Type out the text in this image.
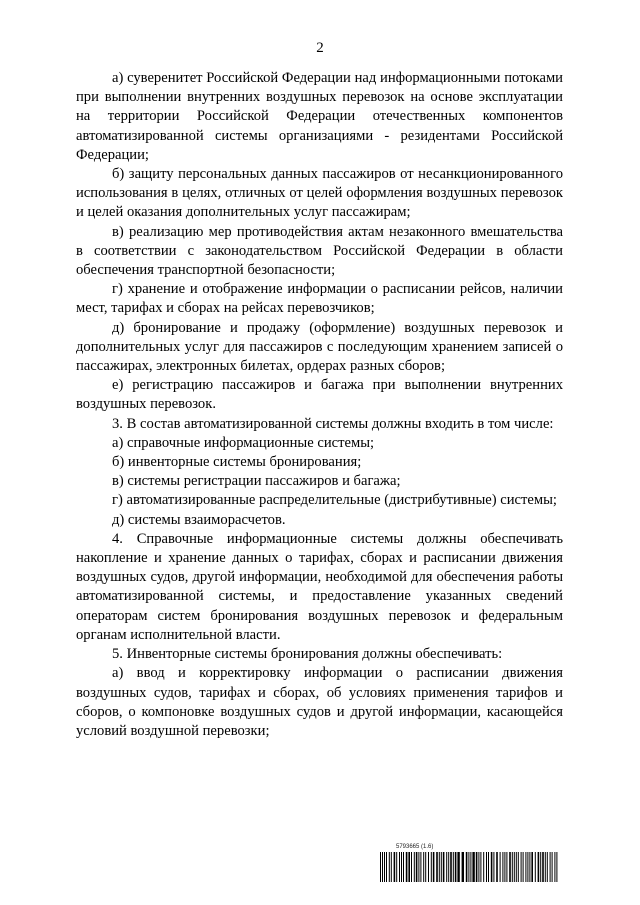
2

а) суверенитет Российской Федерации над информационными потоками при выполнении внутренних воздушных перевозок на основе эксплуатации на территории Российской Федерации отечественных компонентов автоматизированной системы организациями - резидентами Российской Федерации;

б) защиту персональных данных пассажиров от несанкционированного использования в целях, отличных от целей оформления воздушных перевозок и целей оказания дополнительных услуг пассажирам;

в) реализацию мер противодействия актам незаконного вмешательства в соответствии с законодательством Российской Федерации в области обеспечения транспортной безопасности;

г) хранение и отображение информации о расписании рейсов, наличии мест, тарифах и сборах на рейсах перевозчиков;

д) бронирование и продажу (оформление) воздушных перевозок и дополнительных услуг для пассажиров с последующим хранением записей о пассажирах, электронных билетах, ордерах разных сборов;

е) регистрацию пассажиров и багажа при выполнении внутренних воздушных перевозок.

3. В состав автоматизированной системы должны входить в том числе:

а) справочные информационные системы;

б) инвенторные системы бронирования;

в) системы регистрации пассажиров и багажа;

г) автоматизированные распределительные (дистрибутивные) системы;

д) системы взаиморасчетов.

4. Справочные информационные системы должны обеспечивать накопление и хранение данных о тарифах, сборах и расписании движения воздушных судов, другой информации, необходимой для обеспечения работы автоматизированной системы, и предоставление указанных сведений операторам систем бронирования воздушных перевозок и федеральным органам исполнительной власти.

5. Инвенторные системы бронирования должны обеспечивать:

а) ввод и корректировку информации о расписании движения воздушных судов, тарифах и сборах, об условиях применения тарифов и сборов, о компоновке воздушных судов и другой информации, касающейся условий воздушной перевозки;

5793665 (1.6)
